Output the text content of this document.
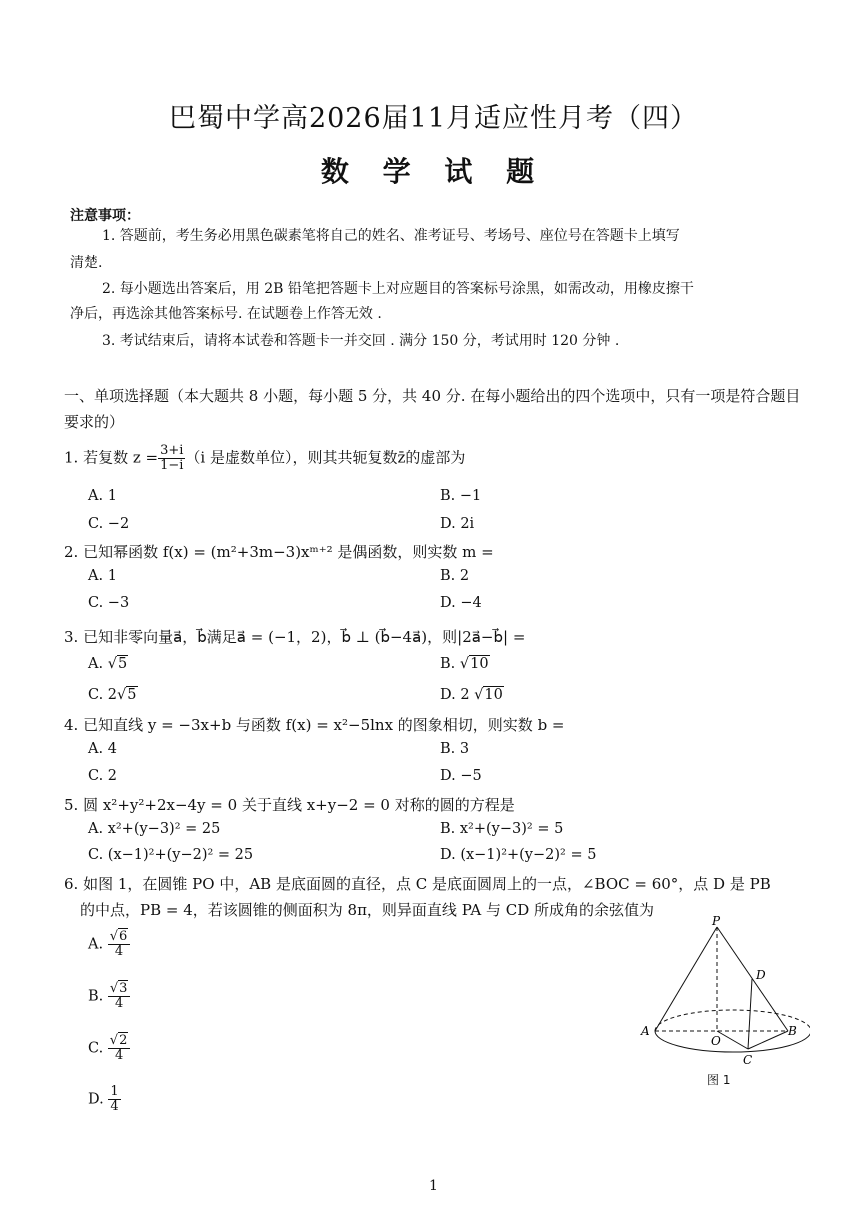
巴蜀中学高2026届11月适应性月考（四）
数 学 试 题
注意事项：
1. 答题前，考生务必用黑色碳素笔将自己的姓名、准考证号、考场号、座位号在答题卡上填写
清楚.
2. 每小题选出答案后，用 2B 铅笔把答题卡上对应题目的答案标号涂黑，如需改动，用橡皮擦干
净后，再选涂其他答案标号. 在试题卷上作答无效 .
3. 考试结束后，请将本试卷和答题卡一并交回 . 满分 150 分，考试用时 120 分钟 .
一、单项选择题（本大题共 8 小题，每小题 5 分，共 40 分. 在每小题给出的四个选项中，只有一项是符合题目要求的）
1. 若复数 $z = \frac{3+i}{1-i} (i$ 是虚数单位），则其共轭复数z̄的虚部为
A. 1	B. −1
C. −2	D. 2i
2. 已知幂函数 f(x) = (m²+3m−3)xᵐ⁺² 是偶函数，则实数 m =
A. 1	B. 2
C. −3	D. −4
3. 已知非零向量a⃗，b⃗满足a⃗ = (−1，2)，b⃗ ⊥ (b⃗−4a⃗)，则|2a⃗−b⃗| =
A. √5	B. √10
C. 2√5	D. 2 √10
4. 已知直线 y = −3x+b 与函数 f(x) = x²−5lnx 的图象相切，则实数 b =
A. 4	B. 3
C. 2	D. −5
5. 圆 x²+y²+2x−4y = 0 关于直线 x+y−2 = 0 对称的圆的方程是
A. x²+(y−3)² = 25	B. x²+(y−3)² = 5
C. (x−1)²+(y−2)² = 25	D. (x−1)²+(y−2)² = 5
6. 如图 1，在圆锥 PO 中，AB 是底面圆的直径，点 C 是底面圆周上的一点，∠BOC = 60°，点 D 是 PB
的中点，PB = 4，若该圆锥的侧面积为 8π，则异面直线 PA 与 CD 所成角的余弦值为
A. $\frac{√6}{4}$
B. $\frac{√3}{4}$
C. $\frac{√2}{4}$
D. $\frac{1}{4}$
P
D
A	B
O
C
图 1
1
